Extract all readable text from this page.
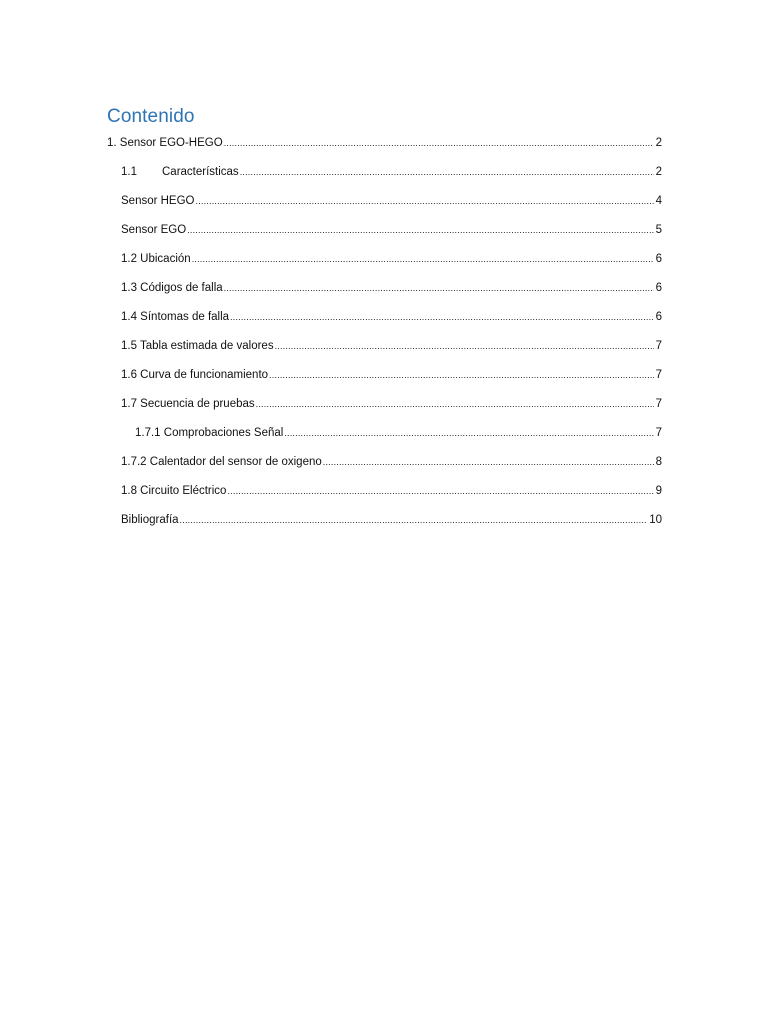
Contenido
1. Sensor EGO-HEGO .....	2
1.1 Características .....	2
Sensor HEGO .....	4
Sensor EGO .....	5
1.2 Ubicación .....	6
1.3 Códigos de falla .....	6
1.4 Síntomas de falla .....	6
1.5 Tabla estimada de valores .....	7
1.6 Curva de funcionamiento .....	7
1.7 Secuencia de pruebas .....	7
1.7.1 Comprobaciones Señal .....	7
1.7.2 Calentador del sensor de oxigeno .....	8
1.8 Circuito Eléctrico .....	9
Bibliografía .....	10
